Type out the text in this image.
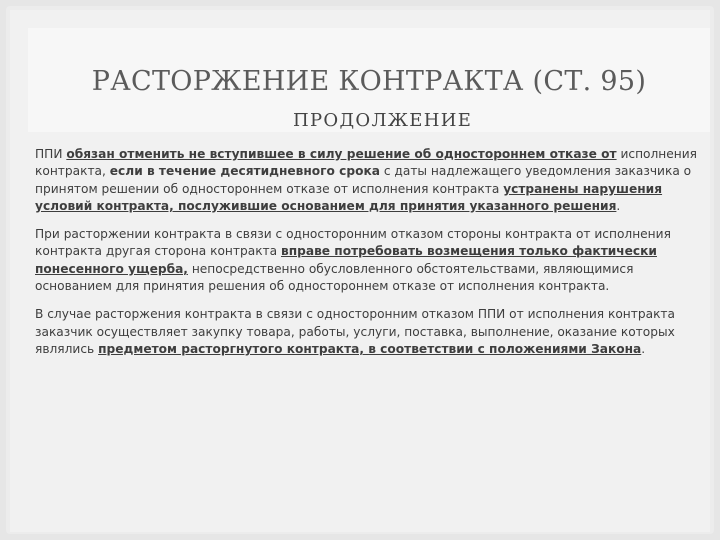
РАСТОРЖЕНИЕ КОНТРАКТА (СТ. 95)
ПРОДОЛЖЕНИЕ

ППИ обязан отменить не вступившее в силу решение об одностороннем отказе от исполнения контракта, если в течение десятидневного срока с даты надлежащего уведомления заказчика о принятом решении об одностороннем отказе от исполнения контракта устранены нарушения условий контракта, послужившие основанием для принятия указанного решения.

При расторжении контракта в связи с односторонним отказом стороны контракта от исполнения контракта другая сторона контракта вправе потребовать возмещения только фактически понесенного ущерба, непосредственно обусловленного обстоятельствами, являющимися основанием для принятия решения об одностороннем отказе от исполнения контракта.

В случае расторжения контракта в связи с односторонним отказом ППИ от исполнения контракта заказчик осуществляет закупку товара, работы, услуги, поставка, выполнение, оказание которых являлись предметом расторгнутого контракта, в соответствии с положениями Закона.
